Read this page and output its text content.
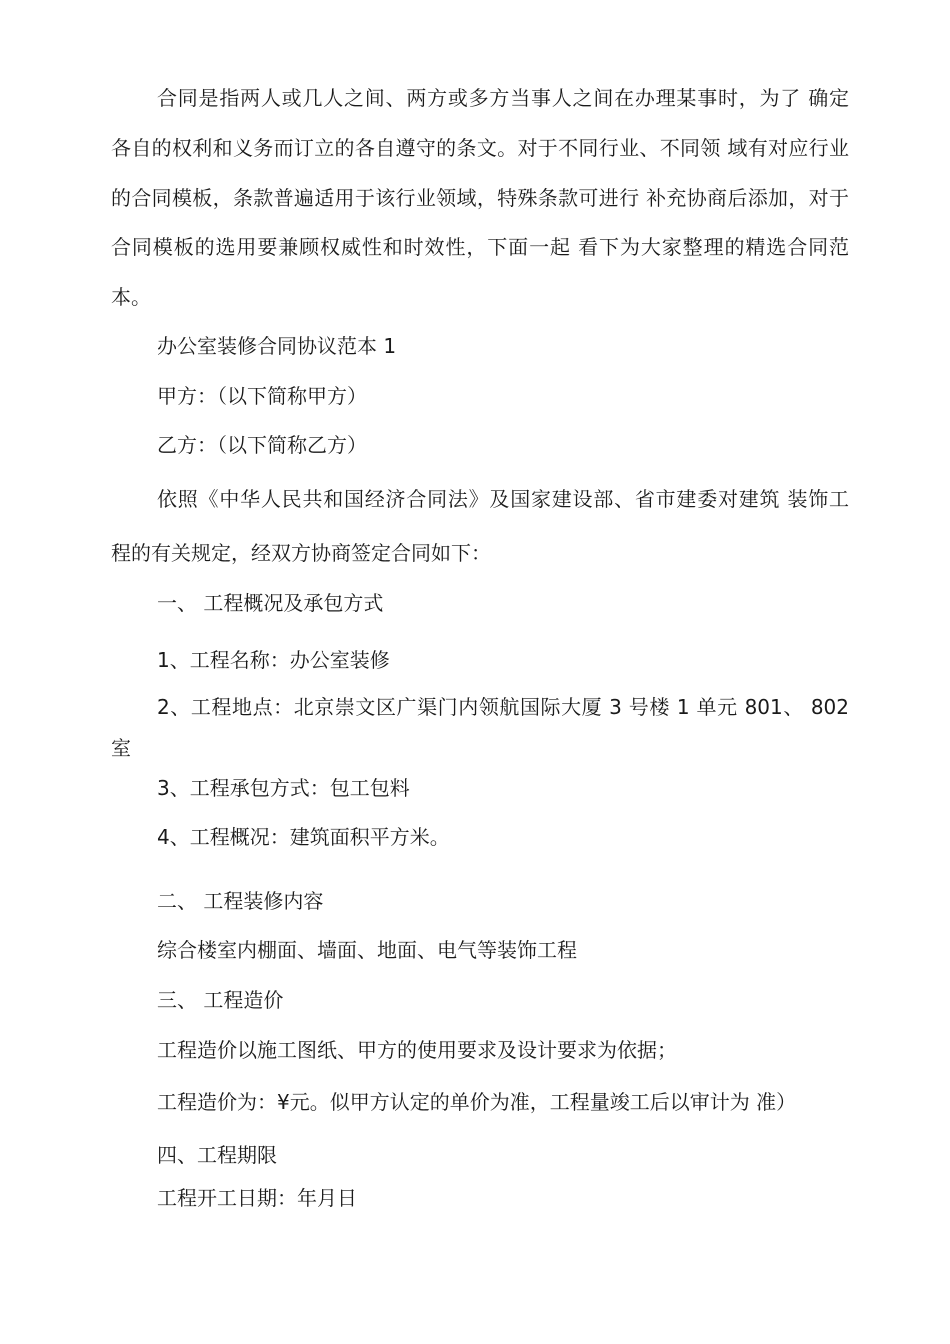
合同是指两人或几人之间、两方或多方当事人之间在办理某事时，为了 确定

各自的权利和义务而订立的各自遵守的条文。对于不同行业、不同领 域有对应行业

的合同模板，条款普遍适用于该行业领域，特殊条款可进行 补充协商后添加，对于

合同模板的选用要兼顾权威性和时效性，下面一起 看下为大家整理的精选合同范

本。

办公室装修合同协议范本 1

甲方：（以下简称甲方）

乙方：（以下简称乙方）

依照《中华人民共和国经济合同法》及国家建设部、省市建委对建筑 装饰工

程的有关规定，经双方协商签定合同如下：

一、 工程概况及承包方式

1、工程名称：办公室装修

2、工程地点：北京崇文区广渠门内领航国际大厦 3 号楼 1 单元 801、 802

室

3、工程承包方式：包工包料

4、工程概况：建筑面积平方米。

二、 工程装修内容

综合楼室内棚面、墙面、地面、电气等装饰工程

三、 工程造价

工程造价以施工图纸、甲方的使用要求及设计要求为依据；

工程造价为：¥元。似甲方认定的单价为准，工程量竣工后以审计为 准）

四、工程期限

工程开工日期：年月日
